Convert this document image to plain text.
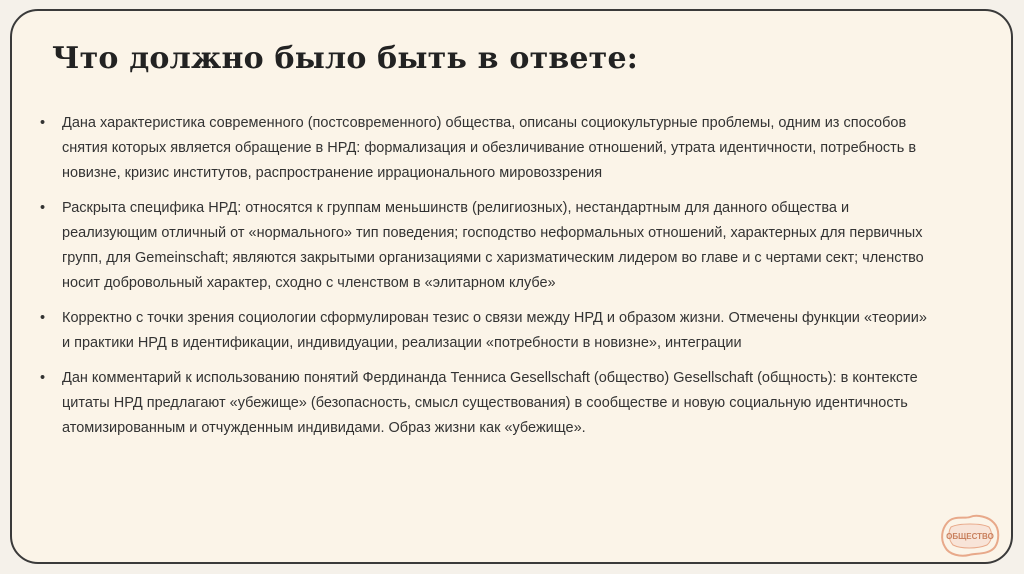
Что должно было быть в ответе:
• Дана характеристика современного (постсовременного) общества, описаны социокультурные проблемы, одним из способов снятия которых является обращение в НРД: формализация и обезличивание отношений, утрата идентичности, потребность в новизне, кризис институтов, распространение иррационального мировоззрения
• Раскрыта специфика НРД: относятся к группам меньшинств (религиозных), нестандартным для данного общества и реализующим отличный от «нормального» тип поведения; господство неформальных отношений, характерных для первичных групп, для Gemeinschaft; являются закрытыми организациями с харизматическим лидером во главе и с чертами сект; членство носит добровольный характер, сходно с членством в «элитарном клубе»
• Корректно с точки зрения социологии сформулирован тезис о связи между НРД и образом жизни. Отмечены функции «теории» и практики НРД в идентификации, индивидуации, реализации «потребности в новизне», интеграции
• Дан комментарий к использованию понятий Фердинанда Тенниса Gesellschaft (общество) Gesellschaft (общность): в контексте цитаты НРД предлагают «убежище» (безопасность, смысл существования) в сообществе и новую социальную идентичность атомизированным и отчужденным индивидами. Образ жизни как «убежище».
ОБЩЕСТВО
